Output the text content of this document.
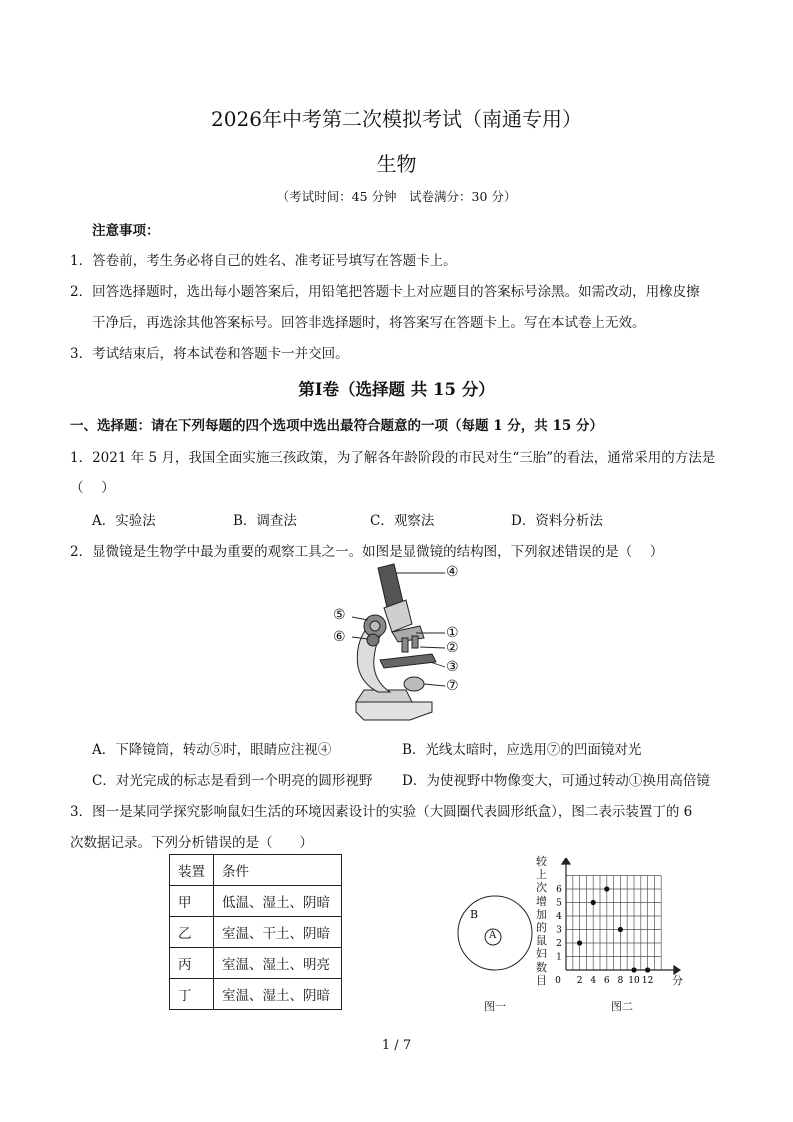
2026年中考第二次模拟考试（南通专用）
生物
（考试时间：45 分钟　试卷满分：30 分）
注意事项：
1．答卷前，考生务必将自己的姓名、准考证号填写在答题卡上。
2．回答选择题时，选出每小题答案后，用铅笔把答题卡上对应题目的答案标号涂黑。如需改动，用橡皮擦
干净后，再选涂其他答案标号。回答非选择题时，将答案写在答题卡上。写在本试卷上无效。
3．考试结束后，将本试卷和答题卡一并交回。
第Ⅰ卷（选择题 共 15 分）
一、选择题：请在下列每题的四个选项中选出最符合题意的一项（每题 1 分，共 15 分）
1．2021 年 5 月，我国全面实施三孩政策，为了解各年龄阶段的市民对生“三胎”的看法，通常采用的方法是
（　 ）
A．实验法	B．调查法	C．观察法	D．资料分析法
2．显微镜是生物学中最为重要的观察工具之一。如图是显微镜的结构图，下列叙述错误的是（　 ）
④
⑤
⑥	①
②
③
⑦
A．下降镜筒，转动⑤时，眼睛应注视④	B．光线太暗时，应选用⑦的凹面镜对光
C．对光完成的标志是看到一个明亮的圆形视野 D．为使视野中物像变大，可通过转动①换用高倍镜
3．图一是某同学探究影响鼠妇生活的环境因素设计的实验（大圆圈代表圆形纸盒），图二表示装置丁的 6
次数据记录。下列分析错误的是（　　）
装置	条件
甲	低温、湿土、阴暗
乙	室温、干土、阴暗
丙	室温、湿土、明亮
丁	室温、湿土、阴暗
B
A
图一
较上次增加的鼠妇数目 0 2 4 6 8 10 12
1
2
3
4
5
6
分
图二
1 / 7
